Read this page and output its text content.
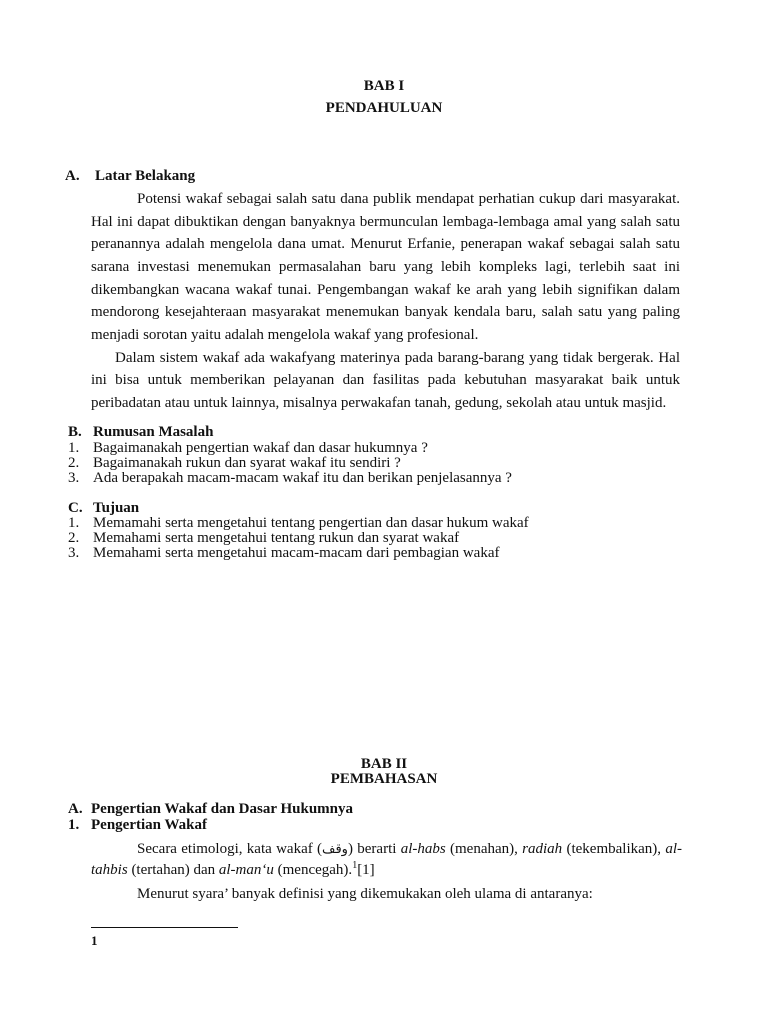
BAB I
PENDAHULUAN
A. Latar Belakang
Potensi wakaf sebagai salah satu dana publik mendapat perhatian cukup dari masyarakat.
Hal ini dapat dibuktikan dengan banyaknya bermunculan lembaga-lembaga amal yang salah satu
peranannya adalah mengelola dana umat. Menurut Erfanie, penerapan wakaf sebagai salah satu
sarana investasi menemukan permasalahan baru yang lebih kompleks lagi, terlebih saat ini
dikembangkan wacana wakaf tunai. Pengembangan wakaf ke arah yang lebih signifikan dalam
mendorong kesejahteraan masyarakat menemukan banyak kendala baru, salah satu yang paling
menjadi sorotan yaitu adalah mengelola wakaf yang profesional.
Dalam sistem wakaf ada wakafyang materinya pada barang-barang yang tidak bergerak. Hal
ini bisa untuk memberikan pelayanan dan fasilitas pada kebutuhan masyarakat baik untuk
peribadatan atau untuk lainnya, misalnya perwakafan tanah, gedung, sekolah atau untuk masjid.
B. Rumusan Masalah
1. Bagaimanakah pengertian wakaf dan dasar hukumnya ?
2. Bagaimanakah rukun dan syarat wakaf itu sendiri ?
3. Ada berapakah macam-macam wakaf itu dan berikan penjelasannya ?
C. Tujuan
1. Memamahi serta mengetahui tentang pengertian dan dasar hukum wakaf
2. Memahami serta mengetahui tentang rukun dan syarat wakaf
3. Memahami serta mengetahui macam-macam dari pembagian wakaf
BAB II
PEMBAHASAN
A. Pengertian Wakaf dan Dasar Hukumnya
1. Pengertian Wakaf
Secara etimologi, kata wakaf (وقف) berarti al-habs (menahan), radiah (tekembalikan), al-
tahbis (tertahan) dan al-man‘u (mencegah).$^1$[1]
Menurut syara’ banyak definisi yang dikemukakan oleh ulama di antaranya:
1
